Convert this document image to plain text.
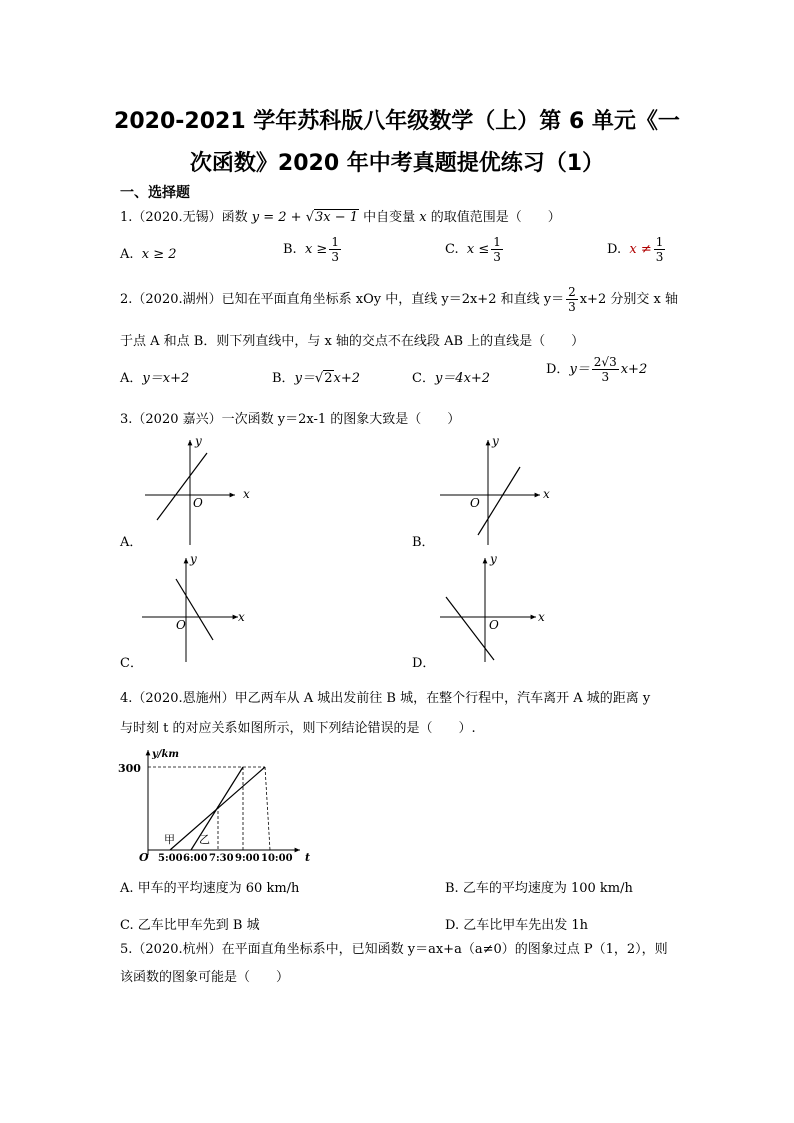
2020-2021 学年苏科版八年级数学（上）第 6 单元《一
次函数》2020 年中考真题提优练习（1）
一、选择题
1.（2020.无锡）函数 y = 2 + √3x − 1 中自变量 x 的取值范围是（　　）
A. x ≥ 2	B. $x \ge \frac{1}{3}$	C. $x \le \frac{1}{3}$	D. $x \ne \frac{1}{3}$
2.（2020.湖州）已知在平面直角坐标系 xOy 中，直线 y＝2x+2 和直线 $y= \frac{2}{3} x+2$ 分别交 x 轴
于点 A 和点 B．则下列直线中，与 x 轴的交点不在线段 AB 上的直线是（　　）
A．y＝x+2	B．y＝√2x+2	C．y＝4x+2
D．$y= \frac{2√3}{3} x+2$
3.（2020 嘉兴）一次函数 y＝2x-1 的图象大致是（　　）
x
y
O
x
y
O
x
y
O
x
y
O
y/km
300
O	t
5:00 6:00 7:30 9:00 10:00
甲 乙
A．	B．
C．	D．
4.（2020.恩施州）甲乙两车从 A 城出发前往 B 城，在整个行程中，汽车离开 A 城的距离 y
与时刻 t 的对应关系如图所示，则下列结论错误的是（　　）.
A. 甲车的平均速度为 60 km/h	B. 乙车的平均速度为 100 km/h
C. 乙车比甲车先到 B 城	D. 乙车比甲车先出发 1h
5.（2020.杭州）在平面直角坐标系中，已知函数 y＝ax+a（a≠0）的图象过点 P（1，2），则
该函数的图象可能是（　　）
